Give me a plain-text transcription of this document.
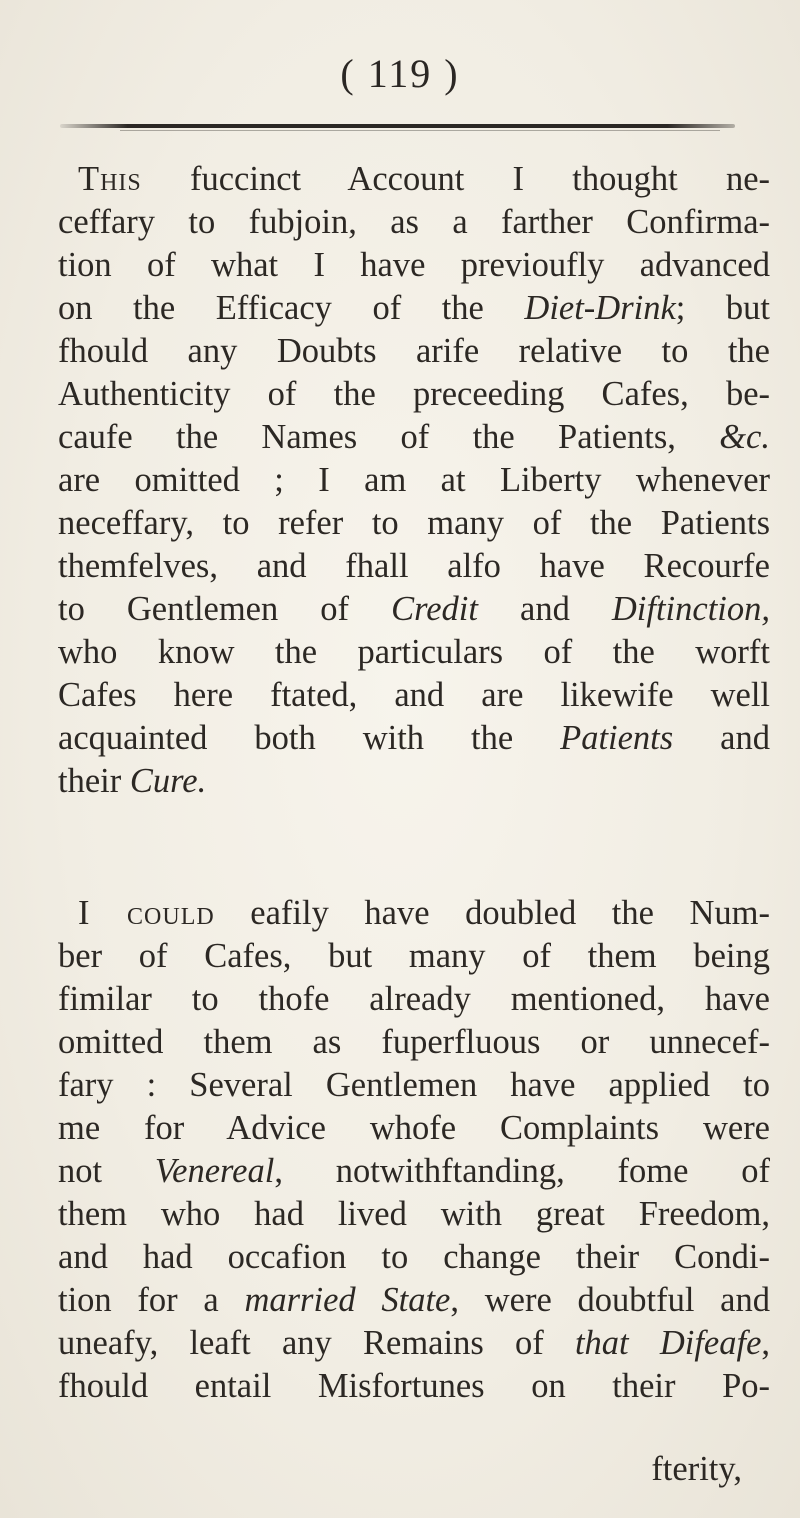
( 119 )
This fuccinct Account I thought ne-
ceffary to fubjoin, as a farther Confirma-
tion of what I have previoufly advanced
on the Efficacy of the Diet-Drink; but
fhould any Doubts arife relative to the
Authenticity of the preceeding Cafes, be-
caufe the Names of the Patients, &c.
are omitted ; I am at Liberty whenever
neceffary, to refer to many of the Patients
themfelves, and fhall alfo have Recourfe
to Gentlemen of Credit and Diftinction,
who know the particulars of the worft
Cafes here ftated, and are likewife well
acquainted both with the Patients and
their Cure.
I could eafily have doubled the Num-
ber of Cafes, but many of them being
fimilar to thofe already mentioned, have
omitted them as fuperfluous or unnecef-
fary : Several Gentlemen have applied to
me for Advice whofe Complaints were
not Venereal, notwithftanding, fome of
them who had lived with great Freedom,
and had occafion to change their Condi-
tion for a married State, were doubtful and
uneafy, leaft any Remains of that Difeafe,
fhould entail Misfortunes on their Po-
fterity,
